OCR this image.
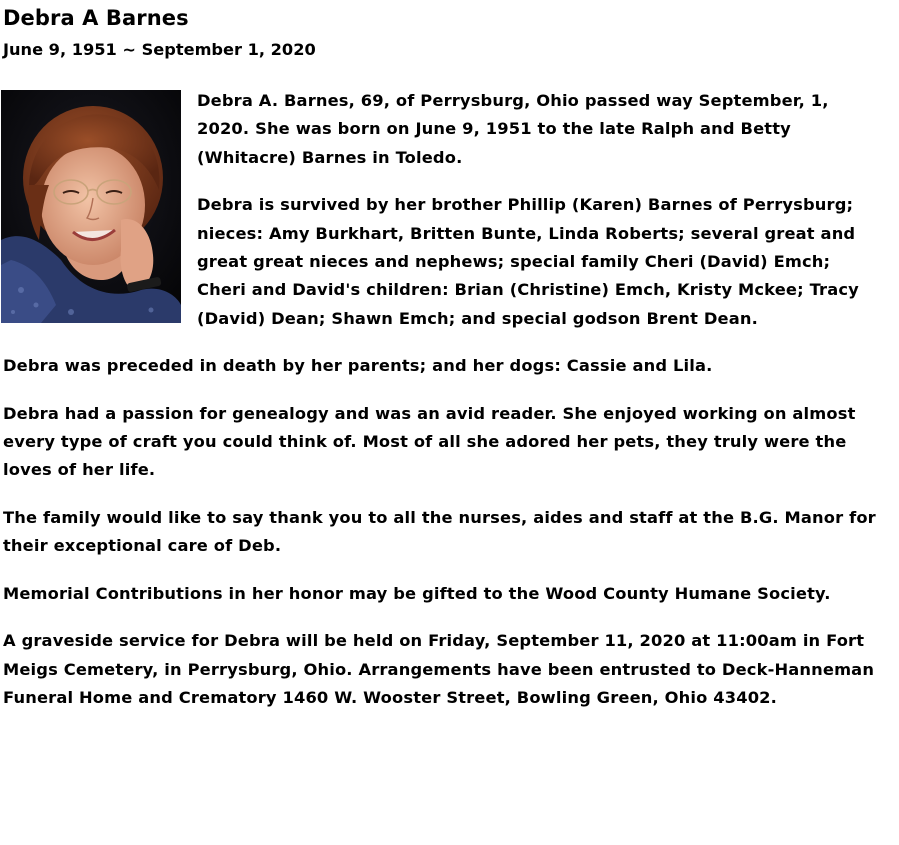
Debra A Barnes
June 9, 1951 ~ September 1, 2020

Debra A. Barnes, 69, of Perrysburg, Ohio passed way September, 1, 2020. She was born on June 9, 1951 to the late Ralph and Betty (Whitacre) Barnes in Toledo.

Debra is survived by her brother Phillip (Karen) Barnes of Perrysburg; nieces: Amy Burkhart, Britten Bunte, Linda Roberts; several great and great great nieces and nephews; special family Cheri (David) Emch; Cheri and David's children: Brian (Christine) Emch, Kristy Mckee; Tracy (David) Dean; Shawn Emch; and special godson Brent Dean.

Debra was preceded in death by her parents; and her dogs: Cassie and Lila.

Debra had a passion for genealogy and was an avid reader. She enjoyed working on almost every type of craft you could think of. Most of all she adored her pets, they truly were the loves of her life.

The family would like to say thank you to all the nurses, aides and staff at the B.G. Manor for their exceptional care of Deb.

Memorial Contributions in her honor may be gifted to the Wood County Humane Society.

A graveside service for Debra will be held on Friday, September 11, 2020 at 11:00am in Fort Meigs Cemetery, in Perrysburg, Ohio. Arrangements have been entrusted to Deck-Hanneman Funeral Home and Crematory 1460 W. Wooster Street, Bowling Green, Ohio 43402.
